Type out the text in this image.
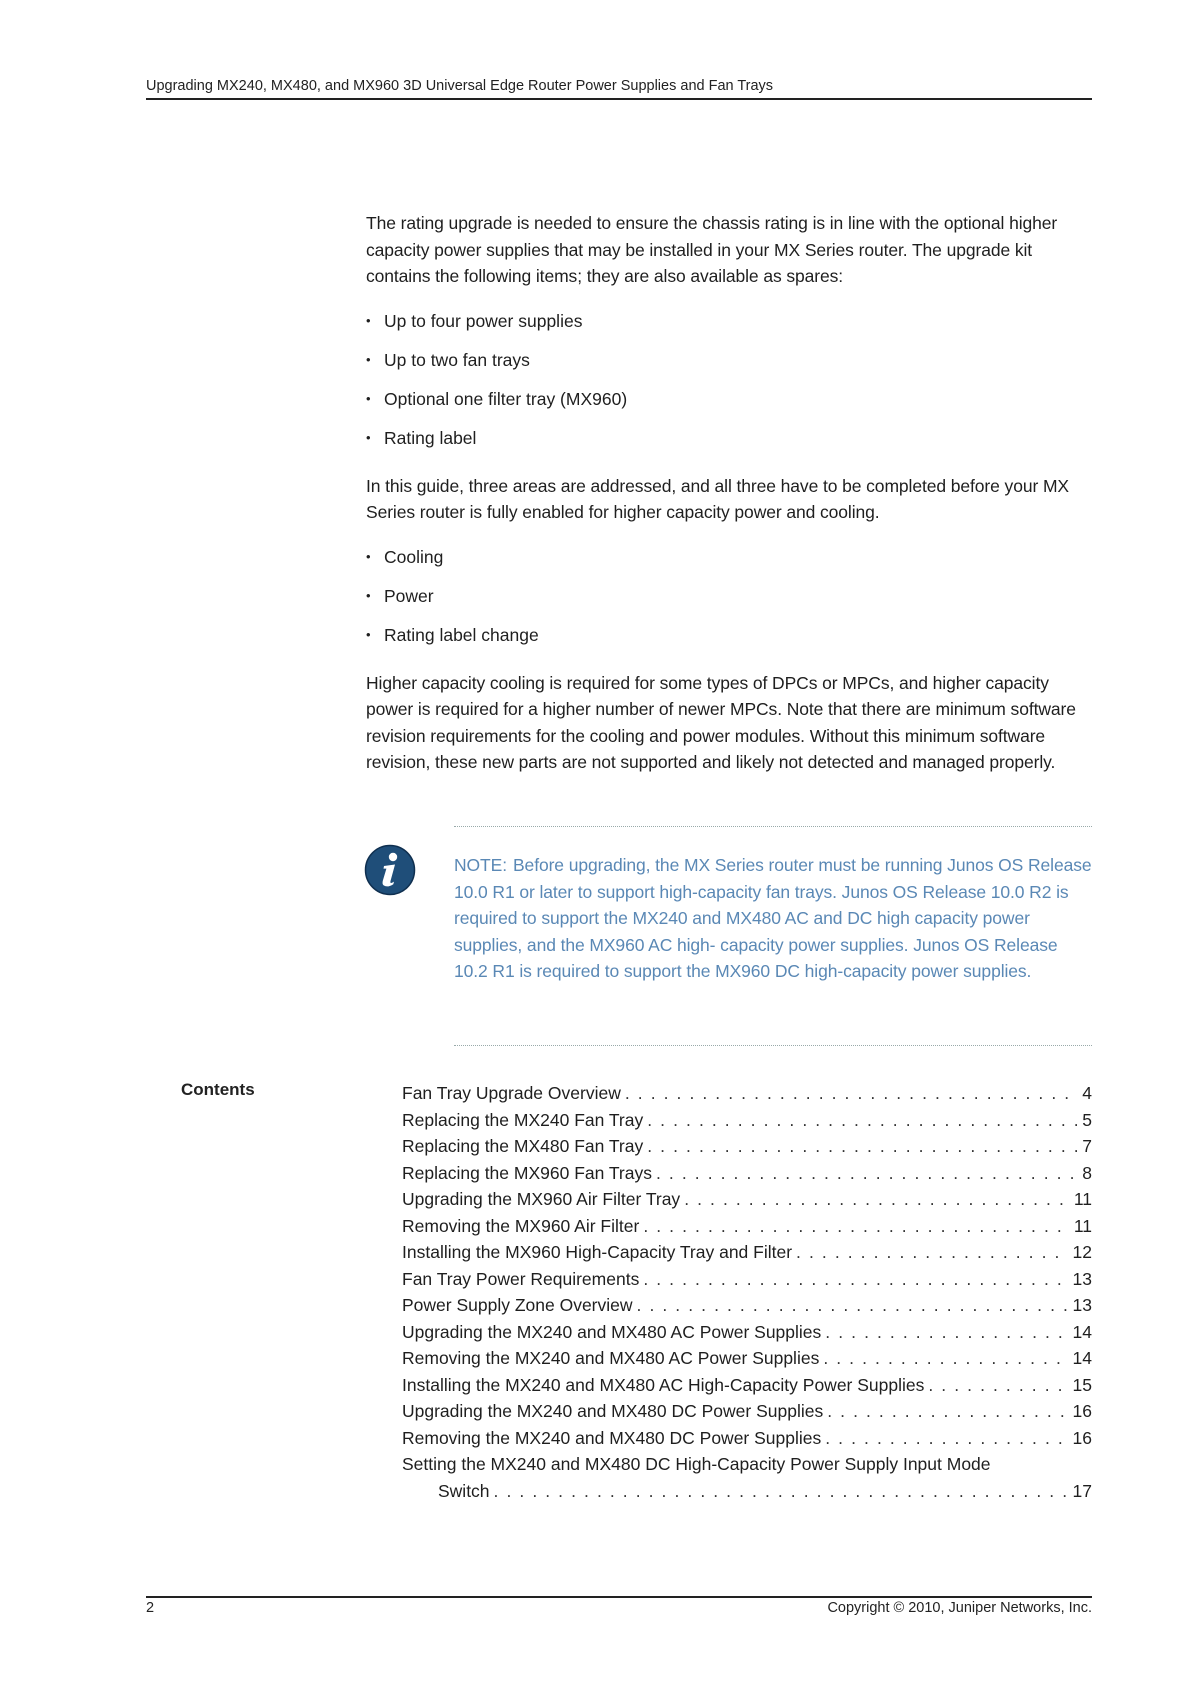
Upgrading MX240, MX480, and MX960 3D Universal Edge Router Power Supplies and Fan Trays

The rating upgrade is needed to ensure the chassis rating is in line with the optional higher capacity power supplies that may be installed in your MX Series router. The upgrade kit contains the following items; they are also available as spares:

• Up to four power supplies
• Up to two fan trays
• Optional one filter tray (MX960)
• Rating label

In this guide, three areas are addressed, and all three have to be completed before your MX Series router is fully enabled for higher capacity power and cooling.

• Cooling
• Power
• Rating label change

Higher capacity cooling is required for some types of DPCs or MPCs, and higher capacity power is required for a higher number of newer MPCs. Note that there are minimum software revision requirements for the cooling and power modules. Without this minimum software revision, these new parts are not supported and likely not detected and managed properly.

NOTE: Before upgrading, the MX Series router must be running Junos OS Release 10.0 R1 or later to support high-capacity fan trays. Junos OS Release 10.0 R2 is required to support the MX240 and MX480 AC and DC high capacity power supplies, and the MX960 AC high- capacity power supplies. Junos OS Release 10.2 R1 is required to support the MX960 DC high-capacity power supplies.
Contents	Fan Tray Upgrade Overview . . .	4
Replacing the MX240 Fan Tray . . .	5
Replacing the MX480 Fan Tray . . .	7
Replacing the MX960 Fan Trays . . .	8
Upgrading the MX960 Air Filter Tray . . .	11
Removing the MX960 Air Filter . . .	11
Installing the MX960 High-Capacity Tray and Filter . . .	12
Fan Tray Power Requirements . . .	13
Power Supply Zone Overview . . .	13
Upgrading the MX240 and MX480 AC Power Supplies . . .	14
Removing the MX240 and MX480 AC Power Supplies . . .	14
Installing the MX240 and MX480 AC High-Capacity Power Supplies . . .	15
Upgrading the MX240 and MX480 DC Power Supplies . . .	16
Removing the MX240 and MX480 DC Power Supplies . . .	16
Setting the MX240 and MX480 DC High-Capacity Power Supply Input Mode
Switch . . .	17
2	Copyright © 2010, Juniper Networks, Inc.
